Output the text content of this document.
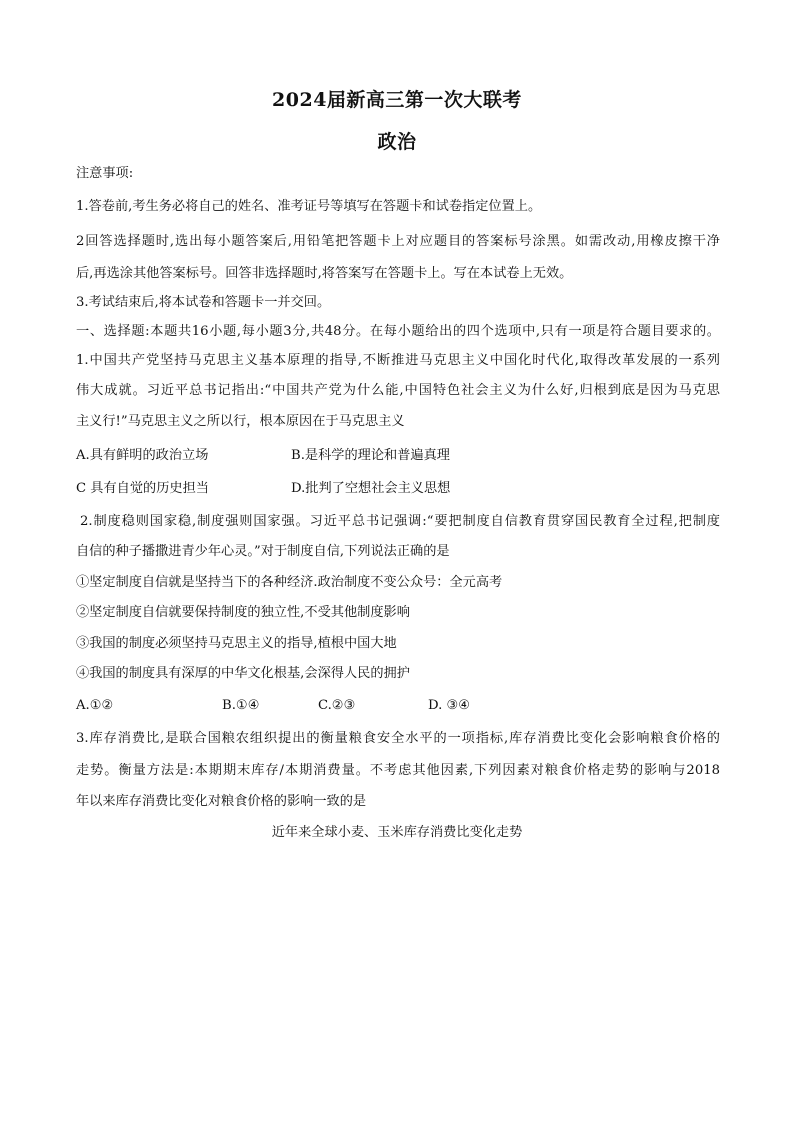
2024届新高三第一次大联考
政治
注意事项:
1.答卷前,考生务必将自己的姓名、准考证号等填写在答题卡和试卷指定位置上。
2回答选择题时,选出每小题答案后,用铅笔把答题卡上对应题目的答案标号涂黑。如需改动,用橡皮擦干净
后,再选涂其他答案标号。回答非选择题时,将答案写在答题卡上。写在本试卷上无效。
3.考试结束后,将本试卷和答题卡一并交回。
一、选择题:本题共16小题,每小题3分,共48分。在每小题给出的四个选项中,只有一项是符合题目要求的。
1.中国共产党坚持马克思主义基本原理的指导,不断推进马克思主义中国化时代化,取得改革发展的一系列
伟大成就。习近平总书记指出:“中国共产党为什么能,中国特色社会主义为什么好,归根到底是因为马克思
主义行!”马克思主义之所以行，根本原因在于马克思主义
A.具有鲜明的政治立场	B.是科学的理论和普遍真理
C 具有自觉的历史担当	D.批判了空想社会主义思想
2.制度稳则国家稳,制度强则国家强。习近平总书记强调:“要把制度自信教育贯穿国民教育全过程,把制度
自信的种子播撒进青少年心灵。”对于制度自信,下列说法正确的是
①坚定制度自信就是坚持当下的各种经济.政治制度不变公众号：全元高考
②坚定制度自信就要保持制度的独立性,不受其他制度影响
③我国的制度必须坚持马克思主义的指导,植根中国大地
④我国的制度具有深厚的中华文化根基,会深得人民的拥护
A.①②	B.①④	C.②③	D. ③④
3.库存消费比,是联合国粮农组织提出的衡量粮食安全水平的一项指标,库存消费比变化会影响粮食价格的
走势。衡量方法是:本期期末库存/本期消费量。不考虑其他因素,下列因素对粮食价格走势的影响与2018
年以来库存消费比变化对粮食价格的影响一致的是
近年来全球小麦、玉米库存消费比变化走势
